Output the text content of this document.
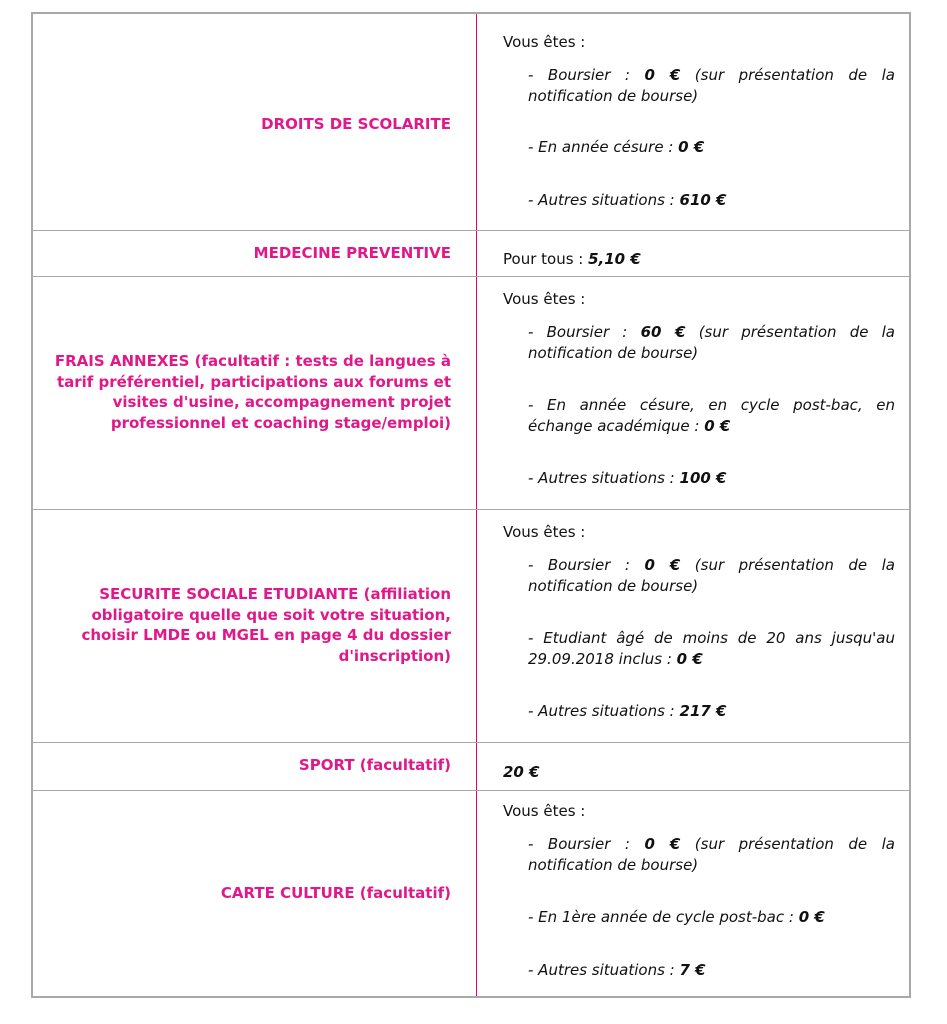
DROITS DE SCOLARITE
Vous êtes :
- Boursier : 0 € (sur présentation de la notification de bourse)
- En année césure : 0 €
- Autres situations : 610 €
MEDECINE PREVENTIVE	Pour tous : 5,10 €
FRAIS ANNEXES (facultatif : tests de langues à tarif préférentiel, participations aux forums et visites d'usine, accompagnement projet professionnel et coaching stage/emploi)
Vous êtes :
- Boursier : 60 € (sur présentation de la notification de bourse)
- En année césure, en cycle post-bac, en échange académique : 0 €
- Autres situations : 100 €
SECURITE SOCIALE ETUDIANTE (affiliation obligatoire quelle que soit votre situation, choisir LMDE ou MGEL en page 4 du dossier d'inscription)
Vous êtes :
- Boursier : 0 € (sur présentation de la notification de bourse)
- Etudiant âgé de moins de 20 ans jusqu'au 29.09.2018 inclus : 0 €
- Autres situations : 217 €
SPORT (facultatif)	20 €
CARTE CULTURE (facultatif)
Vous êtes :
- Boursier : 0 € (sur présentation de la notification de bourse)
- En 1ère année de cycle post-bac : 0 €
- Autres situations : 7 €
